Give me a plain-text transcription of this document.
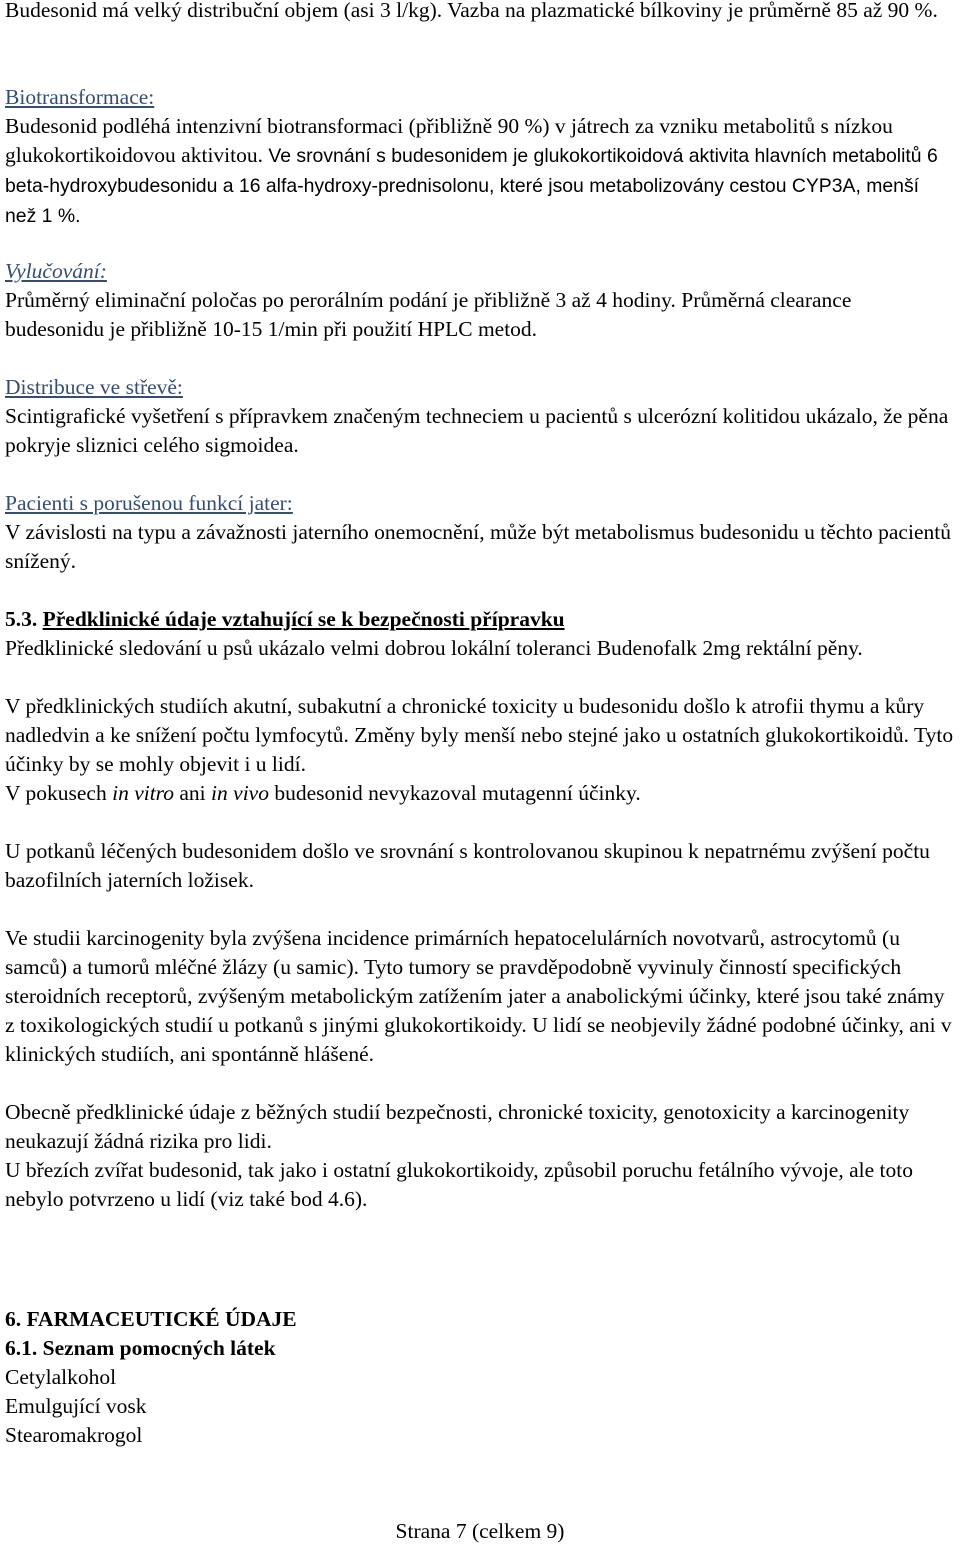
Budesonid má velký distribuční objem (asi 3 l/kg). Vazba na plazmatické bílkoviny je průměrně 85 až 90 %.

Biotransformace:

Budesonid podléhá intenzivní biotransformaci (přibližně 90 %) v játrech za vzniku metabolitů s nízkou glukokortikoidovou aktivitou. Ve srovnání s budesonidem je glukokortikoidová aktivita hlavních metabolitů 6 beta-hydroxybudesonidu a 16 alfa-hydroxy-prednisolonu, které jsou metabolizovány cestou CYP3A, menší než 1 %.

Vylučování:

Průměrný eliminační poločas po perorálním podání je přibližně 3 až 4 hodiny. Průměrná clearance budesonidu je přibližně 10-15 1/min při použití HPLC metod.

Distribuce ve střevě:

Scintigrafické vyšetření s přípravkem značeným techneciem u pacientů s ulcerózní kolitidou ukázalo, že pěna pokryje sliznici celého sigmoidea.

Pacienti s porušenou funkcí jater:

V závislosti na typu a závažnosti jaterního onemocnění, může být metabolismus budesonidu u těchto pacientů snížený.

5.3. Předklinické údaje vztahující se k bezpečnosti přípravku

Předklinické sledování u psů ukázalo velmi dobrou lokální toleranci Budenofalk 2mg rektální pěny.

V předklinických studiích akutní, subakutní a chronické toxicity u budesonidu došlo k atrofii thymu a kůry nadledvin a ke snížení počtu lymfocytů. Změny byly menší nebo stejné jako u ostatních glukokortikoidů. Tyto účinky by se mohly objevit i u lidí.

V pokusech in vitro ani in vivo budesonid nevykazoval mutagenní účinky.

U potkanů léčených budesonidem došlo ve srovnání s kontrolovanou skupinou k nepatrnému zvýšení počtu bazofilních jaterních ložisek.

Ve studii karcinogenity byla zvýšena incidence primárních hepatocelulárních novotvarů, astrocytomů (u samců) a tumorů mléčné žlázy (u samic). Tyto tumory se pravděpodobně vyvinuly činností specifických steroidních receptorů, zvýšeným metabolickým zatížením jater a anabolickými účinky, které jsou také známy z toxikologických studií u potkanů s jinými glukokortikoidy. U lidí se neobjevily žádné podobné účinky, ani v klinických studiích, ani spontánně hlášené.

Obecně předklinické údaje z běžných studií bezpečnosti, chronické toxicity, genotoxicity a karcinogenity neukazují žádná rizika pro lidi.

U březích zvířat budesonid, tak jako i ostatní glukokortikoidy, způsobil poruchu fetálního vývoje, ale toto nebylo potvrzeno u lidí (viz také bod 4.6).

6. FARMACEUTICKÉ ÚDAJE

6.1. Seznam pomocných látek

Cetylalkohol

Emulgující vosk

Stearomakrogol

Strana 7 (celkem 9)
